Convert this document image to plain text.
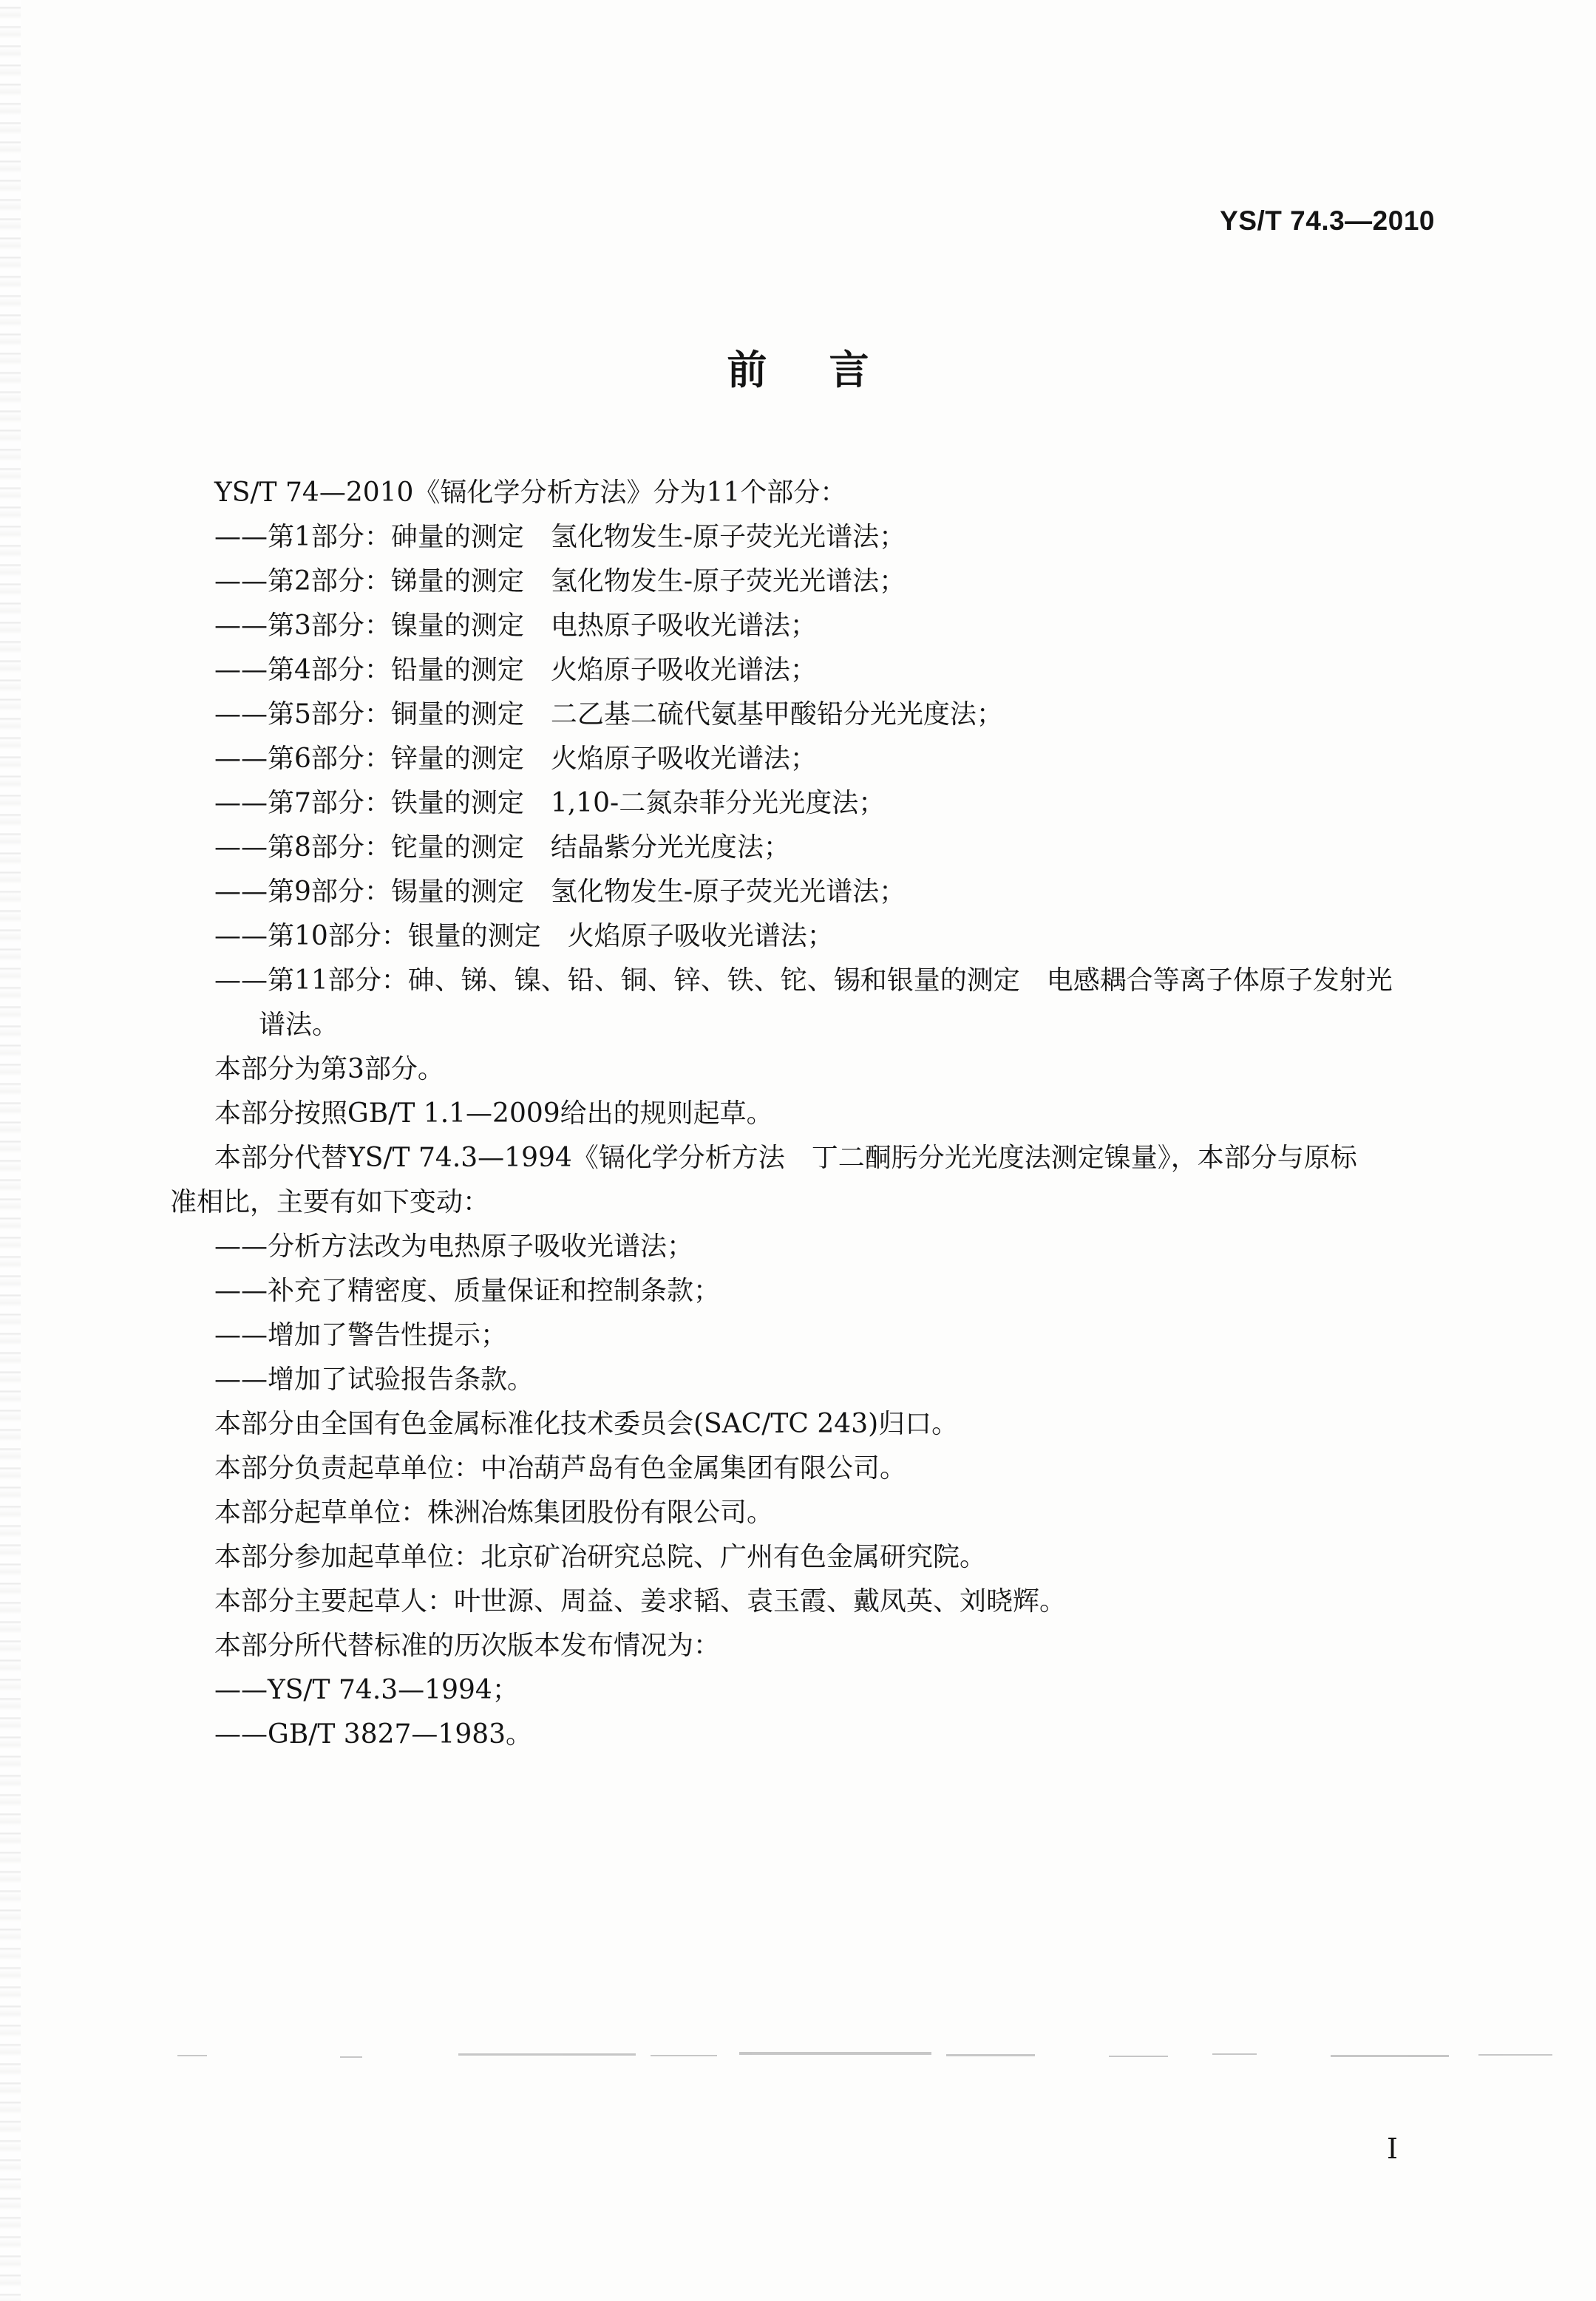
YS/T 74.3—2010
前言
YS/T 74—2010《镉化学分析方法》分为11个部分：
——第1部分：砷量的测定　氢化物发生-原子荧光光谱法；
——第2部分：锑量的测定　氢化物发生-原子荧光光谱法；
——第3部分：镍量的测定　电热原子吸收光谱法；
——第4部分：铅量的测定　火焰原子吸收光谱法；
——第5部分：铜量的测定　二乙基二硫代氨基甲酸铅分光光度法；
——第6部分：锌量的测定　火焰原子吸收光谱法；
——第7部分：铁量的测定　1,10-二氮杂菲分光光度法；
——第8部分：铊量的测定　结晶紫分光光度法；
——第9部分：锡量的测定　氢化物发生-原子荧光光谱法；
——第10部分：银量的测定　火焰原子吸收光谱法；
——第11部分：砷、锑、镍、铅、铜、锌、铁、铊、锡和银量的测定　电感耦合等离子体原子发射光
谱法。
本部分为第3部分。
本部分按照GB/T 1.1—2009给出的规则起草。
本部分代替YS/T 74.3—1994《镉化学分析方法　丁二酮肟分光光度法测定镍量》，本部分与原标
准相比，主要有如下变动：
——分析方法改为电热原子吸收光谱法；
——补充了精密度、质量保证和控制条款；
——增加了警告性提示；
——增加了试验报告条款。
本部分由全国有色金属标准化技术委员会(SAC/TC 243)归口。
本部分负责起草单位：中冶葫芦岛有色金属集团有限公司。
本部分起草单位：株洲冶炼集团股份有限公司。
本部分参加起草单位：北京矿冶研究总院、广州有色金属研究院。
本部分主要起草人：叶世源、周益、姜求韬、袁玉霞、戴凤英、刘晓辉。
本部分所代替标准的历次版本发布情况为：
——YS/T 74.3—1994；
——GB/T 3827—1983。
I
